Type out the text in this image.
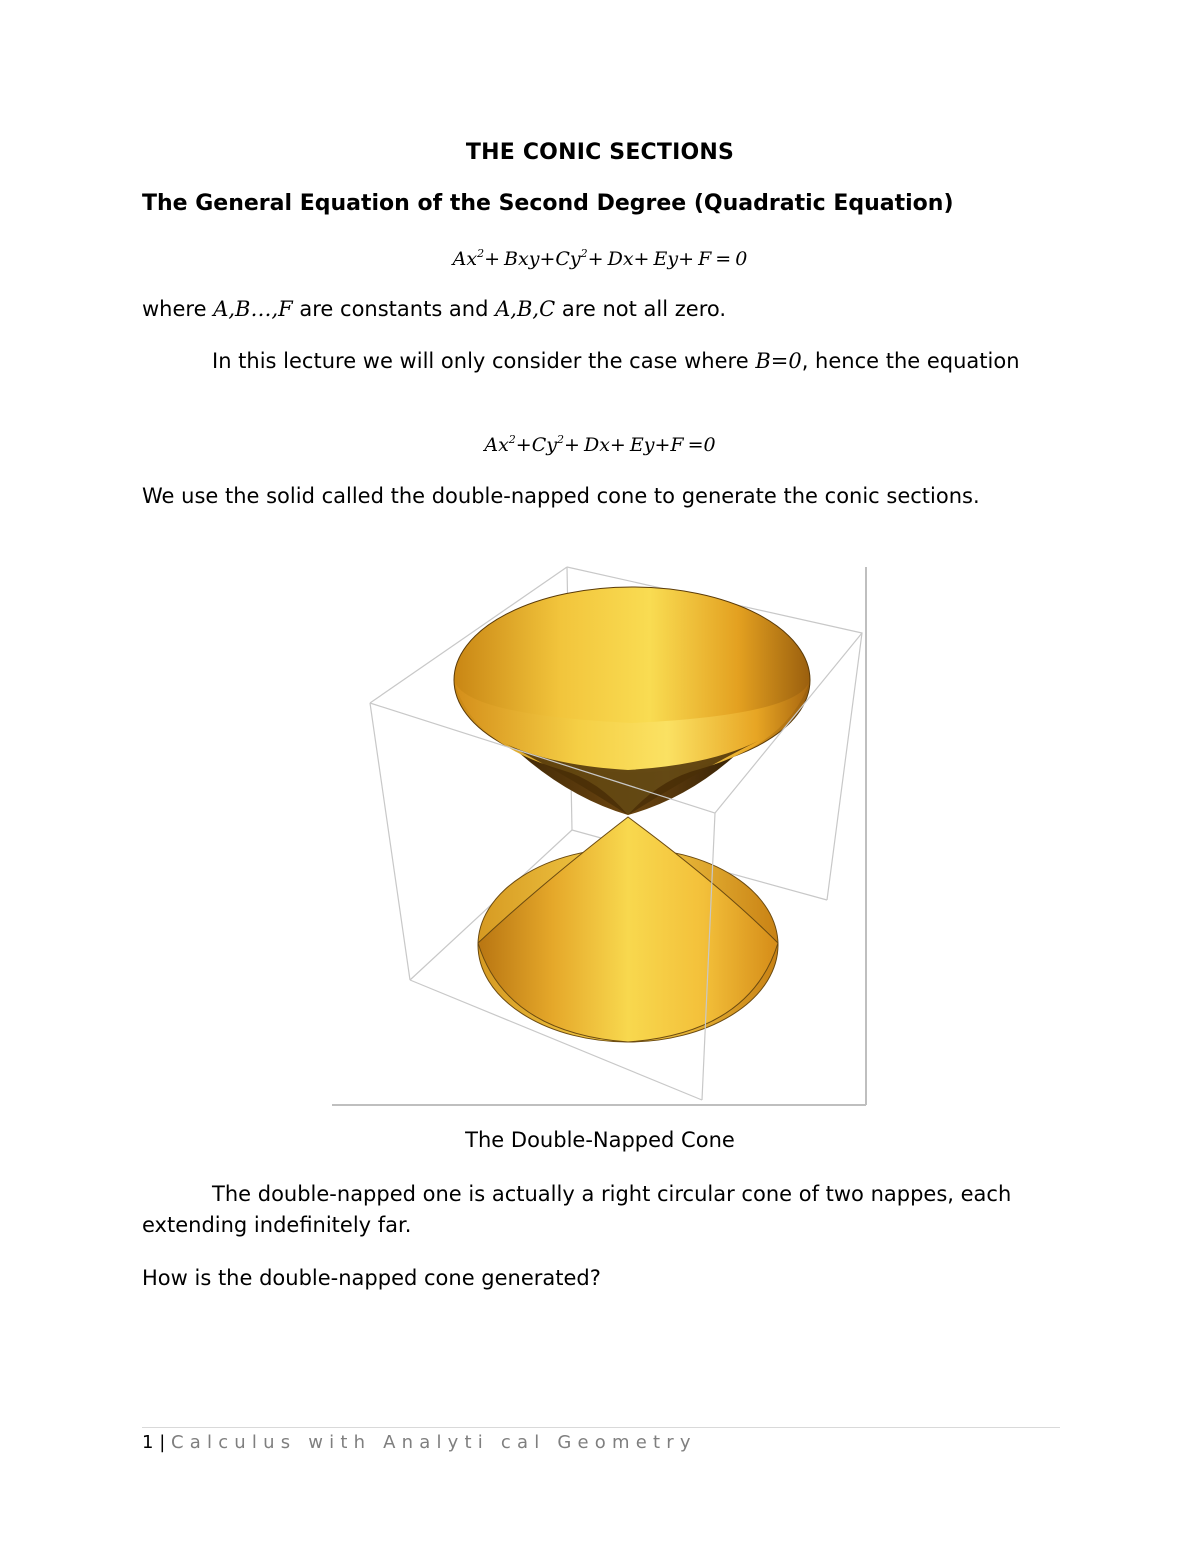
THE CONIC SECTIONS
The General Equation of the Second Degree (Quadratic Equation)
$Ax^2+ Bxy+Cy^2+ Dx+ Ey+ F = 0$
where A,B…,F are constants and A,B,C are not all zero.
In this lecture we will only consider the case where B=0, hence the equation
$Ax^2+Cy^2+ Dx+ Ey+F =0$
We use the solid called the double-napped cone to generate the conic sections.
The Double-Napped Cone
The double-napped one is actually a right circular cone of two nappes, each extending indefinitely far.
How is the double-napped cone generated?
1 | Calculus with Analyti cal Geometry
